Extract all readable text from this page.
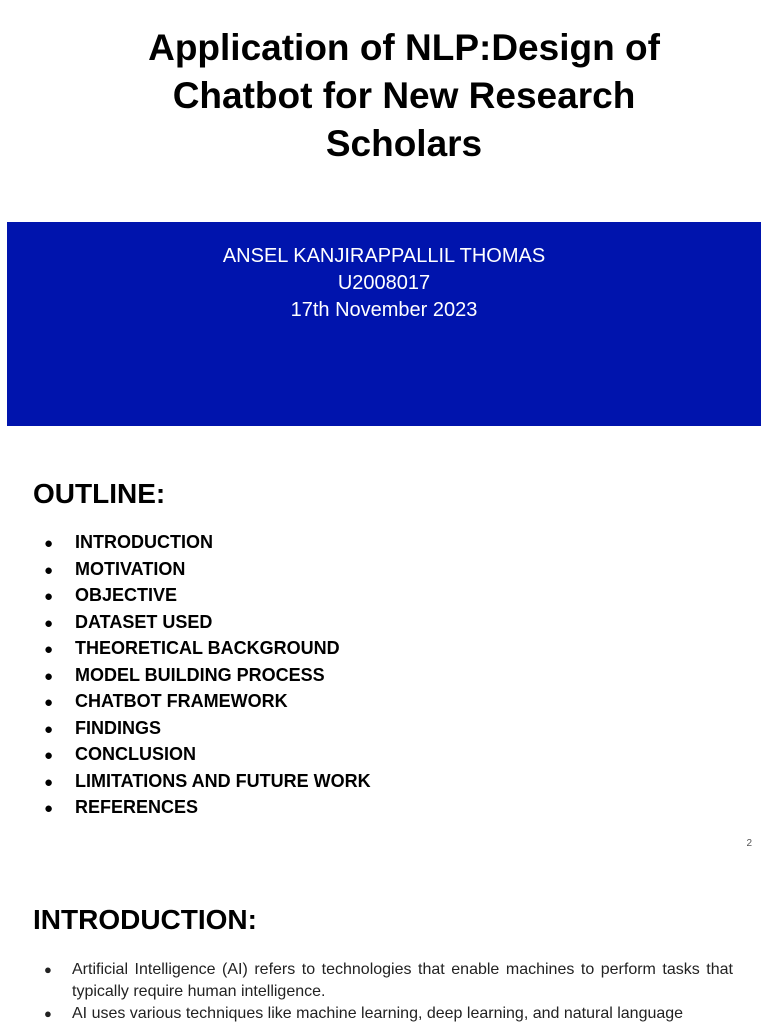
Application of NLP:Design of
Chatbot for New Research
Scholars
ANSEL KANJIRAPPALLIL THOMAS
U2008017
17th November 2023
OUTLINE:
● INTRODUCTION
● MOTIVATION
● OBJECTIVE
● DATASET USED
● THEORETICAL BACKGROUND
● MODEL BUILDING PROCESS
● CHATBOT FRAMEWORK
● FINDINGS
● CONCLUSION
● LIMITATIONS AND FUTURE WORK
● REFERENCES
2
INTRODUCTION:
●	Artificial Intelligence (AI) refers to technologies that enable machines to perform tasks that typically require human intelligence.
●	AI uses various techniques like machine learning, deep learning, and natural language
